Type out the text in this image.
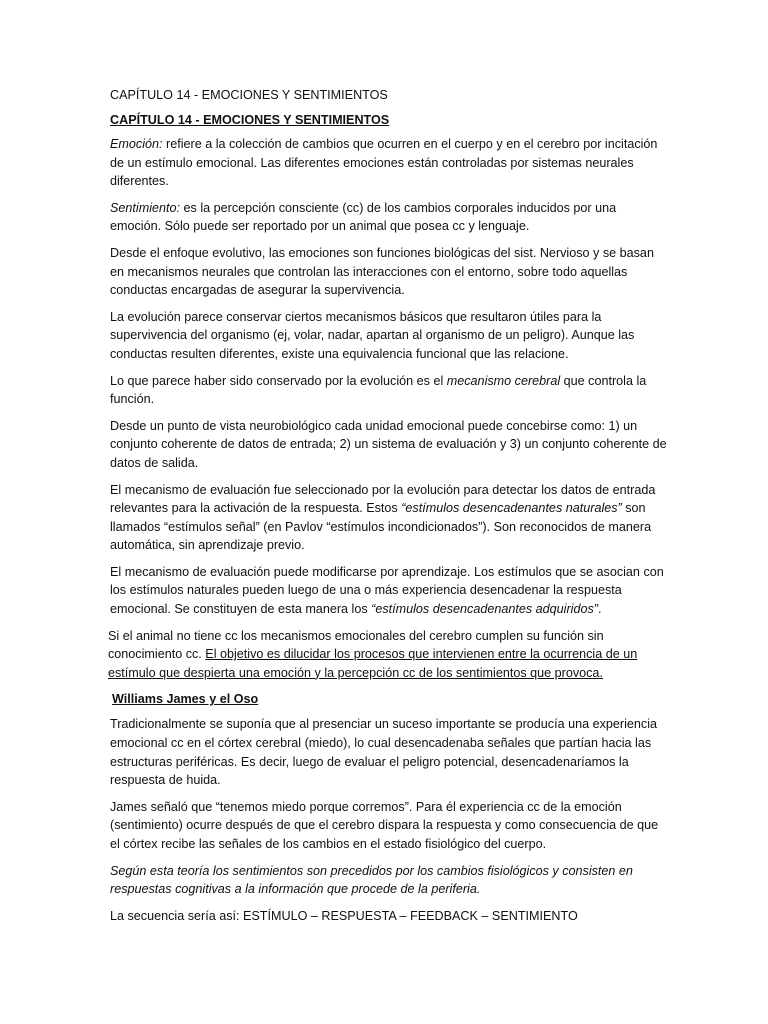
CAPÍTULO 14 - EMOCIONES Y SENTIMIENTOS
CAPÍTULO 14 - EMOCIONES Y SENTIMIENTOS

Emoción: refiere a la colección de cambios que ocurren en el cuerpo y en el cerebro por incitación de un estímulo emocional. Las diferentes emociones están controladas por sistemas neurales diferentes.

Sentimiento: es la percepción consciente (cc) de los cambios corporales inducidos por una emoción. Sólo puede ser reportado por un animal que posea cc y lenguaje.

Desde el enfoque evolutivo, las emociones son funciones biológicas del sist. Nervioso y se basan en mecanismos neurales que controlan las interacciones con el entorno, sobre todo aquellas conductas encargadas de asegurar la supervivencia.

La evolución parece conservar ciertos mecanismos básicos que resultaron útiles para la supervivencia del organismo (ej, volar, nadar, apartan al organismo de un peligro). Aunque las conductas resulten diferentes, existe una equivalencia funcional que las relacione.

Lo que parece haber sido conservado por la evolución es el mecanismo cerebral que controla la función.

Desde un punto de vista neurobiológico cada unidad emocional puede concebirse como: 1) un conjunto coherente de datos de entrada; 2) un sistema de evaluación y 3) un conjunto coherente de datos de salida.

El mecanismo de evaluación fue seleccionado por la evolución para detectar los datos de entrada relevantes para la activación de la respuesta. Estos “estímulos desencadenantes naturales” son llamados “estímulos señal” (en Pavlov “estímulos incondicionados”). Son reconocidos de manera automática, sin aprendizaje previo.

El mecanismo de evaluación puede modificarse por aprendizaje. Los estímulos que se asocian con los estímulos naturales pueden luego de una o más experiencia desencadenar la respuesta emocional. Se constituyen de esta manera los “estímulos desencadenantes adquiridos”.

Si el animal no tiene cc los mecanismos emocionales del cerebro cumplen su función sin conocimiento cc. El objetivo es dilucidar los procesos que intervienen entre la ocurrencia de un estímulo que despierta una emoción y la percepción cc de los sentimientos que provoca.

Williams James y el Oso

Tradicionalmente se suponía que al presenciar un suceso importante se producía una experiencia emocional cc en el córtex cerebral (miedo), lo cual desencadenaba señales que partían hacia las estructuras periféricas. Es decir, luego de evaluar el peligro potencial, desencadenaríamos la respuesta de huida.

James señaló que “tenemos miedo porque corremos”. Para él experiencia cc de la emoción (sentimiento) ocurre después de que el cerebro dispara la respuesta y como consecuencia de que el córtex recibe las señales de los cambios en el estado fisiológico del cuerpo.

Según esta teoría los sentimientos son precedidos por los cambios fisiológicos y consisten en respuestas cognitivas a la información que procede de la periferia.

La secuencia sería así: ESTÍMULO – RESPUESTA – FEEDBACK – SENTIMIENTO
